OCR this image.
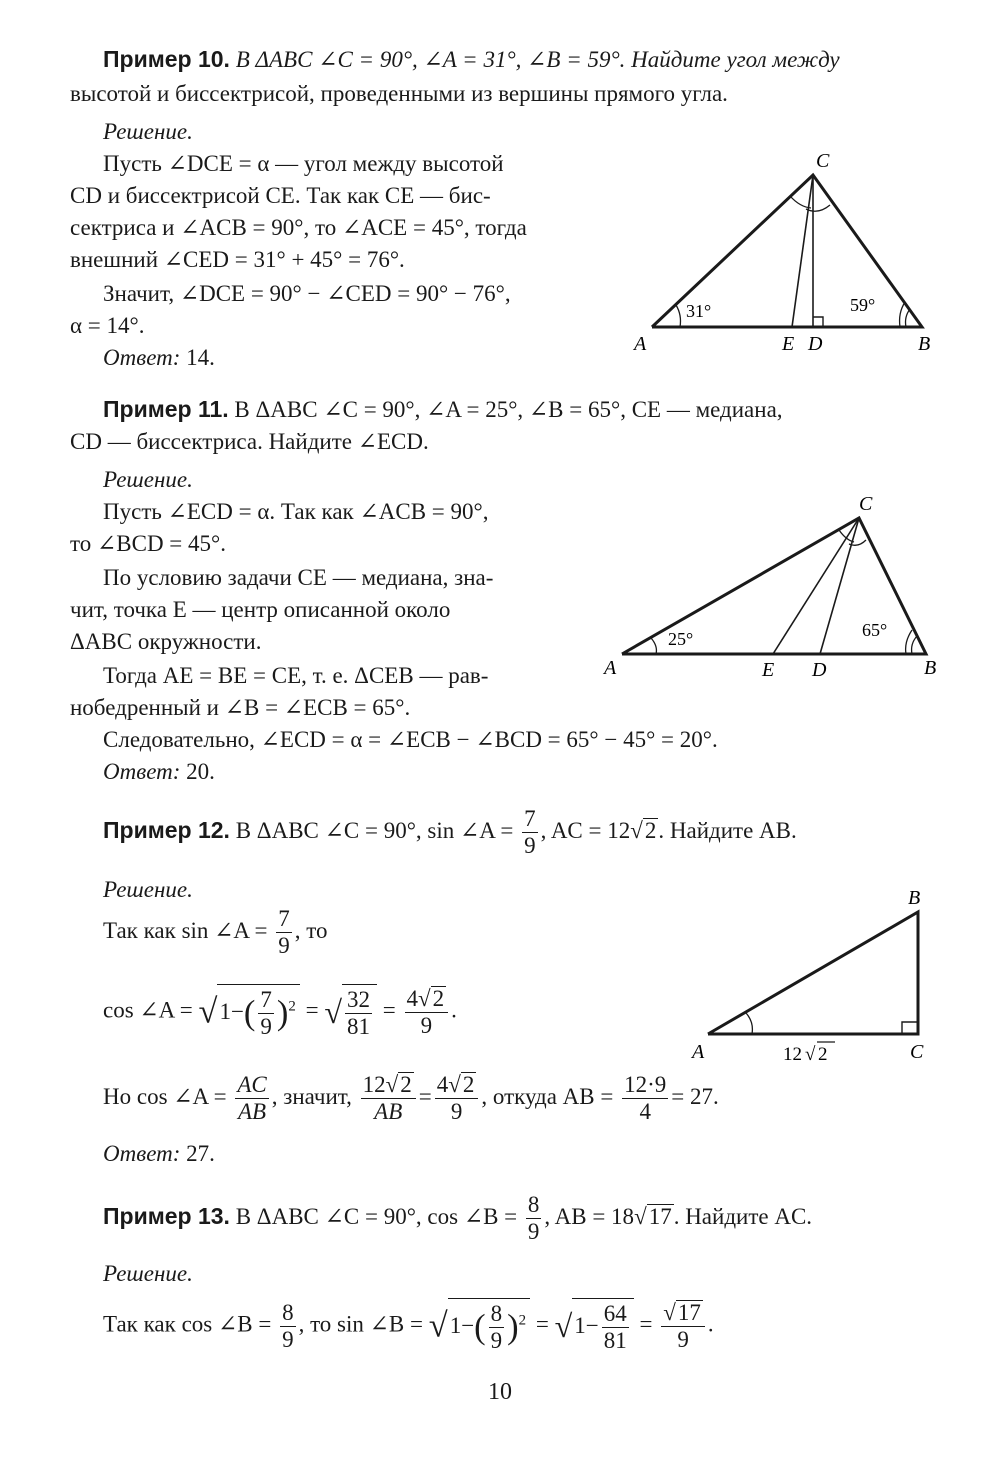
Пример 10. В ΔABC ∠C = 90°, ∠A = 31°, ∠B = 59°. Найдите угол между
высотой и биссектрисой, проведенными из вершины прямого угла.
Решение.
Пусть ∠DCE = α — угол между высотой
CD и биссектрисой CE. Так как CE — бис-
сектриса и ∠ACB = 90°, то ∠ACE = 45°, тогда
внешний ∠CED = 31° + 45° = 76°.
Значит, ∠DCE = 90° − ∠CED = 90° − 76°,
α = 14°.
Ответ: 14.
C
A	E D	B
31°	59°
Пример 11. В ΔABC ∠C = 90°, ∠A = 25°, ∠B = 65°, CE — медиана,
CD — биссектриса. Найдите ∠ECD.
Решение.
Пусть ∠ECD = α. Так как ∠ACB = 90°,
то ∠BCD = 45°.
По условию задачи CE — медиана, зна-
чит, точка E — центр описанной около
ΔABC окружности.
Тогда AE = BE = CE, т. е. ΔCEB — рав-
нобедренный и ∠B = ∠ECB = 65°.
Следовательно, ∠ECD = α = ∠ECB − ∠BCD = 65° − 45° = 20°.
Ответ: 20.
C
A	E D	B
25°	65°
Пример 12. В ΔABC ∠C = 90°, sin ∠A = $\frac{7}{9}$ , AC = 12√2. Найдите AB.
Решение.
Так как sin ∠A = $\frac{7}{9}$ , то
cos ∠A = $√1-( \frac{7}{9} )^2$ = √ $\frac{32}{81} = \frac{4√2}{9}$ .
Но cos ∠A = $\frac{AC}{AB}$ , значит, $\frac{12√2}{AB} = \frac{4√2}{9}$ , откуда AB = $\frac{12\cdot 9}{4} = 27$.
Ответ: 27.
B
A	C
12 √ 2
Пример 13. В ΔABC ∠C = 90°, cos ∠B = $\frac{8}{9}$ , AB = 18√17. Найдите AC.
Решение.
Так как cos ∠B = $\frac{8}{9}$ , то sin ∠B = $√1-( \frac{8}{9} )^2 = √1- \frac{64}{81} = \frac{√17}{9}$ .
10
